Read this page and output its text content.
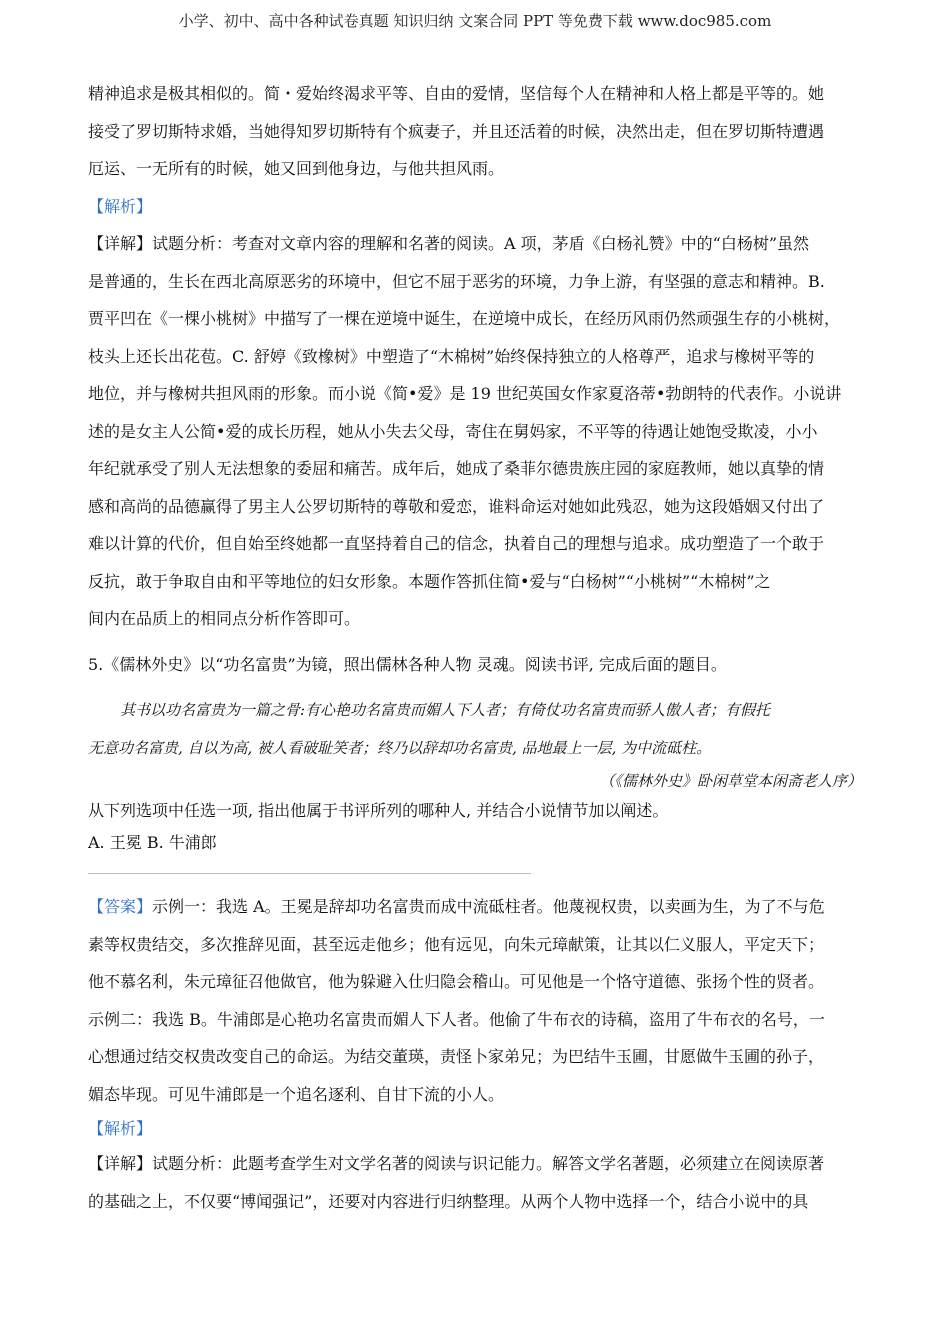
小学、初中、高中各种试卷真题 知识归纳 文案合同 PPT 等免费下载 www.doc985.com
精神追求是极其相似的。简・爱始终渴求平等、自由的爱情，坚信每个人在精神和人格上都是平等的。她
接受了罗切斯特求婚，当她得知罗切斯特有个疯妻子，并且还活着的时候，决然出走，但在罗切斯特遭遇
厄运、一无所有的时候，她又回到他身边，与他共担风雨。
【解析】
【详解】试题分析：考查对文章内容的理解和名著的阅读。A 项，茅盾《白杨礼赞》中的“白杨树”虽然
是普通的，生长在西北高原恶劣的环境中，但它不屈于恶劣的环境，力争上游，有坚强的意志和精神。B.
贾平凹在《一棵小桃树》中描写了一棵在逆境中诞生，在逆境中成长，在经历风雨仍然顽强生存的小桃树，
枝头上还长出花苞。C. 舒婷《致橡树》中塑造了“木棉树”始终保持独立的人格尊严，追求与橡树平等的
地位，并与橡树共担风雨的形象。而小说《简•爱》是 19 世纪英国女作家夏洛蒂•勃朗特的代表作。小说讲
述的是女主人公简•爱的成长历程，她从小失去父母，寄住在舅妈家，不平等的待遇让她饱受欺凌，小小
年纪就承受了别人无法想象的委屈和痛苦。成年后，她成了桑菲尔德贵族庄园的家庭教师，她以真挚的情
感和高尚的品德赢得了男主人公罗切斯特的尊敬和爱恋，谁料命运对她如此残忍，她为这段婚姻又付出了
难以计算的代价，但自始至终她都一直坚持着自己的信念，执着自己的理想与追求。成功塑造了一个敢于
反抗，敢于争取自由和平等地位的妇女形象。本题作答抓住简•爱与“白杨树”“小桃树”“木棉树”之
间内在品质上的相同点分析作答即可。
5.《儒林外史》以“功名富贵”为镜，照出儒林各种人物 灵魂。阅读书评, 完成后面的题目。
其书以功名富贵为一篇之骨:有心艳功名富贵而媚人下人者；有倚仗功名富贵而骄人傲人者；有假托
无意功名富贵, 自以为高, 被人看破耻笑者；终乃以辞却功名富贵, 品地最上一层, 为中流砥柱。
（《儒林外史》卧闲草堂本闲斋老人序）
从下列选项中任选一项, 指出他属于书评所列的哪种人, 并结合小说情节加以阐述。
A. 王冕 B. 牛浦郎
【答案】示例一：我选 A。王冕是辞却功名富贵而成中流砥柱者。他蔑视权贵，以卖画为生，为了不与危
素等权贵结交，多次推辞见面，甚至远走他乡；他有远见，向朱元璋献策，让其以仁义服人，平定天下；
他不慕名利，朱元璋征召他做官，他为躲避入仕归隐会稽山。可见他是一个恪守道德、张扬个性的贤者。
示例二：我选 B。牛浦郎是心艳功名富贵而媚人下人者。他偷了牛布衣的诗稿，盗用了牛布衣的名号，一
心想通过结交权贵改变自己的命运。为结交董瑛，责怪卜家弟兄；为巴结牛玉圃，甘愿做牛玉圃的孙子，
媚态毕现。可见牛浦郎是一个追名逐利、自甘下流的小人。
【解析】
【详解】试题分析：此题考查学生对文学名著的阅读与识记能力。解答文学名著题，必须建立在阅读原著
的基础之上，不仅要“博闻强记”，还要对内容进行归纳整理。从两个人物中选择一个，结合小说中的具
